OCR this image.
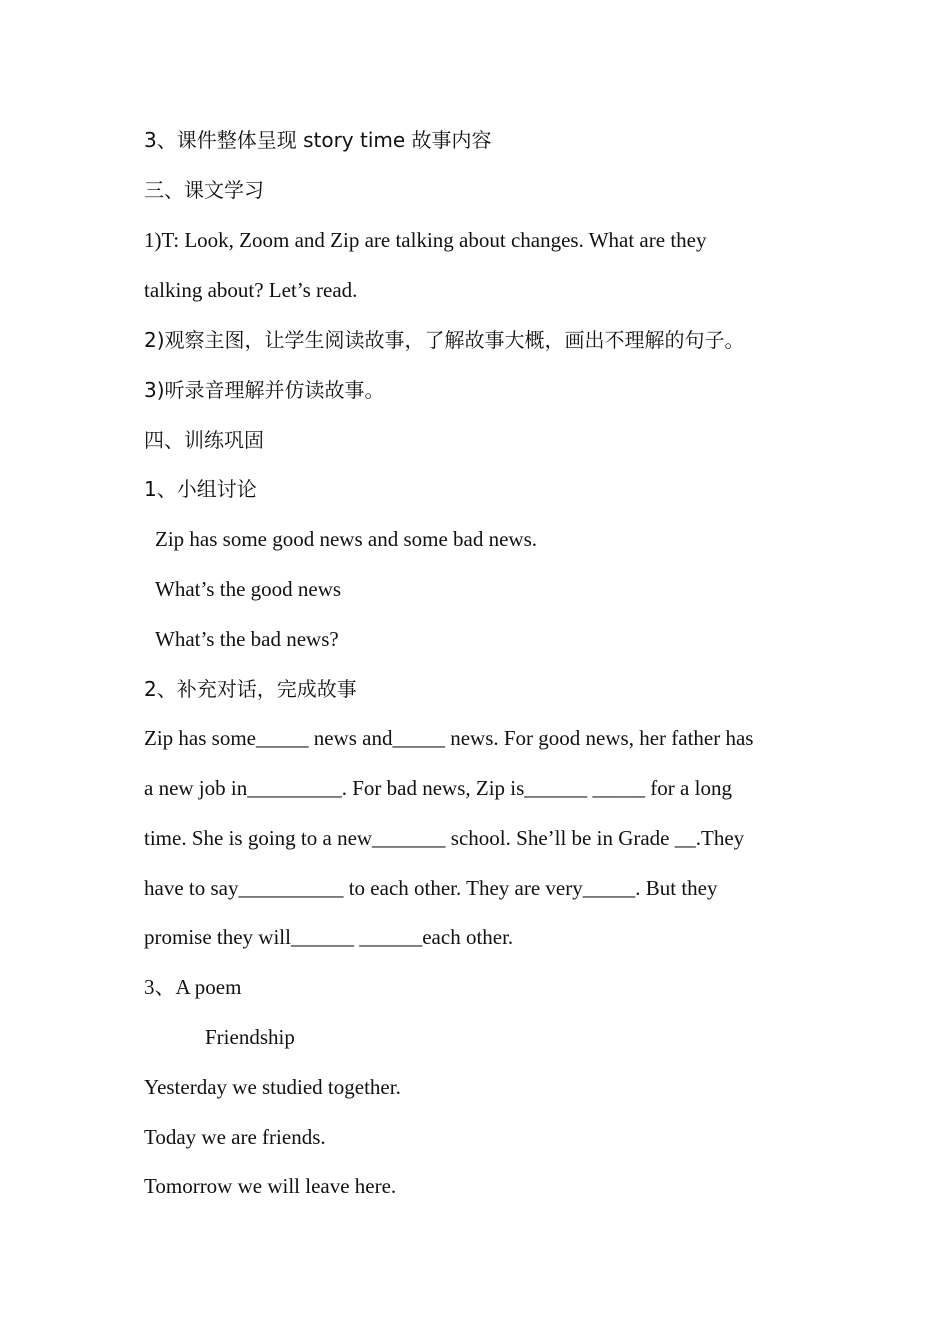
3、课件整体呈现 story time 故事内容
三、课文学习
1)T: Look, Zoom and Zip are talking about changes. What are they
talking about? Let’s read.
2)观察主图，让学生阅读故事，了解故事大概，画出不理解的句子。
3)听录音理解并仿读故事。
四、训练巩固
1、小组讨论
Zip has some good news and some bad news.
What’s the good news
What’s the bad news?
2、补充对话，完成故事
Zip has some_____ news and_____ news. For good news, her father has
a new job in_________. For bad news, Zip is______ _____ for a long
time. She is going to a new_______ school. She’ll be in Grade __.They
have to say__________ to each other. They are very_____. But they
promise they will______ ______each other.
3、A poem
Friendship
Yesterday we studied together.
Today we are friends.
Tomorrow we will leave here.
